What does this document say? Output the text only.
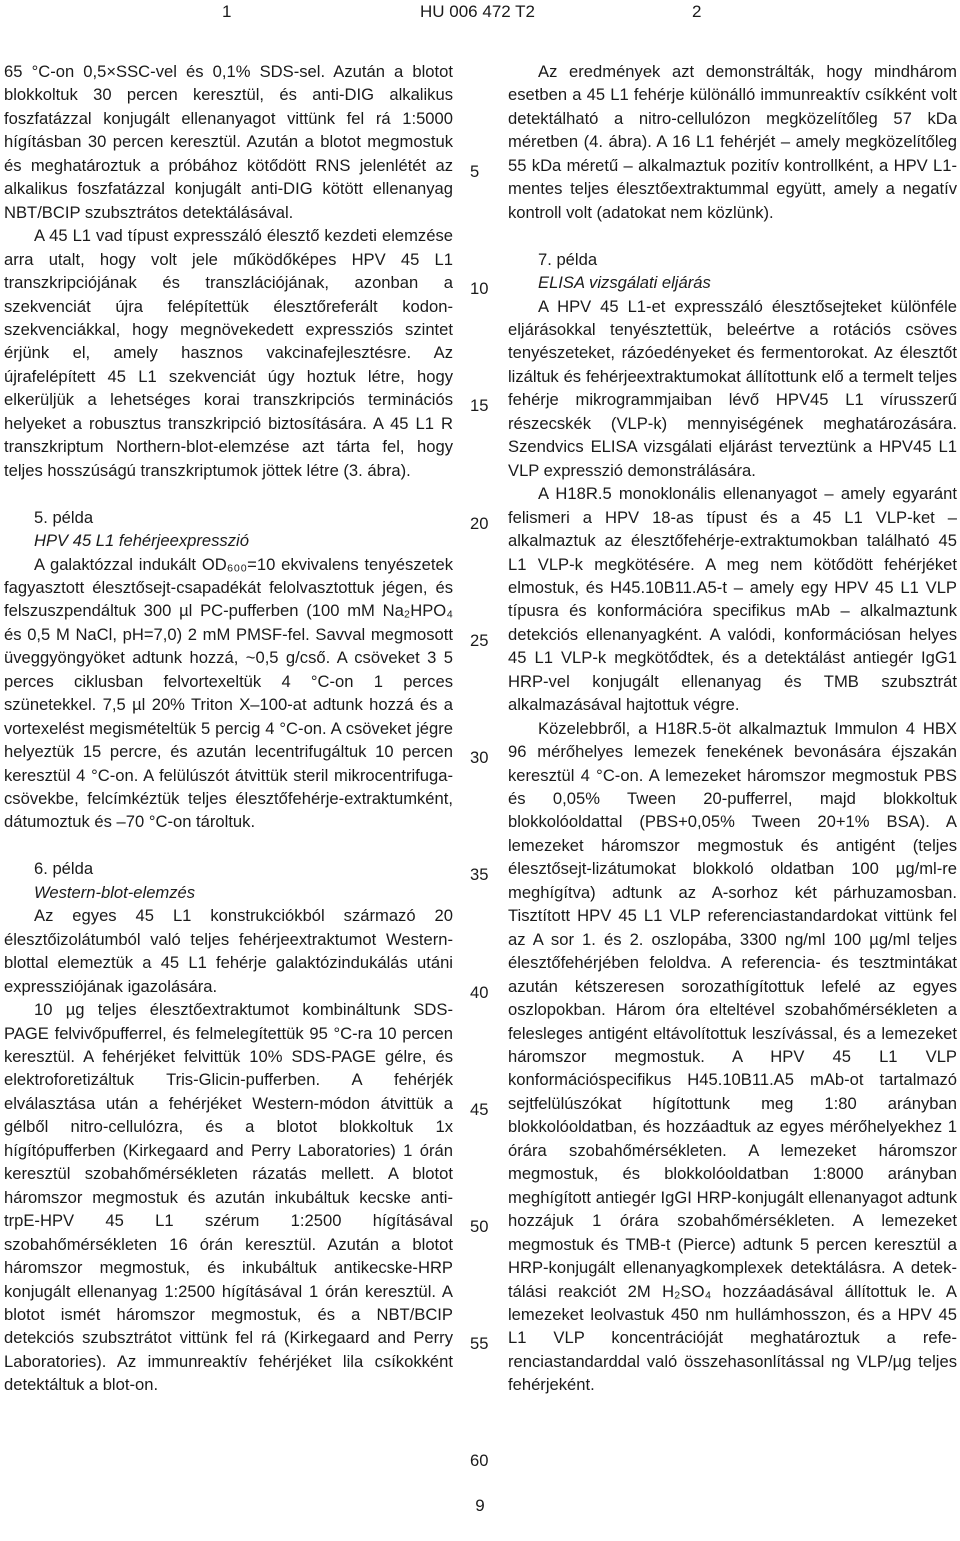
1	HU 006 472 T2	2

65 °C-on 0,5×SSC-vel és 0,1% SDS-sel. Azután a blotot blokkoltuk 30 percen keresztül, és anti-DIG alkalikus foszfatázzal konjugált ellenanyagot vittünk fel rá 1:5000 hígításban 30 percen keresztül. Azután a blotot megmostuk és meghatároztuk a próbához kötődött RNS jelenlétét az alkalikus foszfatázzal konjugált anti-DIG kötött ellenanyag NBT/BCIP szubsztrátos detektálásával.

A 45 L1 vad típust expresszáló élesztő kezdeti elemzése arra utalt, hogy volt jele működőképes HPV 45 L1 transzkripciójának és transzlációjának, azonban a szekvenciát újra felépítettük élesztőreferált kodonszekvenciákkal, hogy megnövekedett expressziós szintet érjünk el, amely hasznos vakcinafejlesztésre. Az újrafelépített 45 L1 szekvenciát úgy hoztuk létre, hogy elkerüljük a lehetséges korai transzkripciós terminációs helyeket a robusztus transzkripció biztosítására. A 45 L1 R transzkriptum Northern-blot-elemzése azt tárta fel, hogy teljes hosszúságú transzkriptumok jöttek létre (3. ábra).

5. példa

HPV 45 L1 fehérjeexpresszió

A galaktózzal indukált OD₆₀₀=10 ekvivalens tenyészetek fagyasztott élesztősejt-csapadékát felolvasztottuk jégen, és felszuszpendáltuk 300 µl PC-pufferben (100 mM Na₂HPO₄ és 0,5 M NaCl, pH=7,0) 2 mM PMSF-fel. Savval megmosott üveggyöngyöket adtunk hozzá, ~0,5 g/cső. A csöveket 3 5 perces ciklusban felvortexeltük 4 °C-on 1 perces szünetekkel. 7,5 µl 20% Triton X–100-at adtunk hozzá és a vortexelést megismételtük 5 percig 4 °C-on. A csöveket jégre helyeztük 15 percre, és azután lecentrifugáltuk 10 percen keresztül 4 °C-on. A felülúszót átvittük steril mikrocentrifugacsövekbe, felcímkéztük teljes élesztőfehérje-extraktumként, dátumoztuk és –70 °C-on tároltuk.

6. példa

Western-blot-elemzés

Az egyes 45 L1 konstrukciókból származó 20 élesztőizolátumból való teljes fehérjeextraktumot Western-blottal elemeztük a 45 L1 fehérje galaktózindukálás utáni expressziójának igazolására.

10 µg teljes élesztőextraktumot kombináltunk SDS-PAGE felvivőpufferrel, és felmelegítettük 95 °C-ra 10 percen keresztül. A fehérjéket felvittük 10% SDS-PAGE gélre, és elektroforetizáltuk Tris-Glicin-pufferben. A fehérjék elválasztása után a fehérjéket Western-módon átvittük a gélből nitro-cellulózra, és a blotot blokkoltuk 1x hígítópufferben (Kirkegaard and Perry Laboratories) 1 órán keresztül szobahőmérsékleten rázatás mellett. A blotot háromszor megmostuk és azután inkubáltuk kecske anti-trpE-HPV 45 L1 szérum 1:2500 hígításával szobahőmérsékleten 16 órán keresztül. Azután a blotot háromszor megmostuk, és inkubáltuk antikecske-HRP konjugált ellenanyag 1:2500 hígításával 1 órán keresztül. A blotot ismét háromszor megmostuk, és a NBT/BCIP detekciós szubsztrátot vittünk fel rá (Kirkegaard and Perry Laboratories). Az immunreaktív fehérjéket lila csíkokként detektáltuk a blot-on.

Az eredmények azt demonstrálták, hogy mindhárom esetben a 45 L1 fehérje különálló immunreaktív csíkként volt detektálható a nitro-cellulózon megközelítőleg 57 kDa méretben (4. ábra). A 16 L1 fehérjét – amely megközelítőleg 55 kDa méretű – alkalmaztuk pozitív kontrollként, a HPV L1-mentes teljes élesztőextraktummal együtt, amely a negatív kontroll volt (adatokat nem közlünk).

7. példa

ELISA vizsgálati eljárás

A HPV 45 L1-et expresszáló élesztősejteket különféle eljárásokkal tenyésztettük, beleértve a rotációs csöves tenyészeteket, rázóedényeket és fermentorokat. Az élesztőt lizáltuk és fehérjeextraktumokat állítottunk elő a termelt teljes fehérje mikrogrammjaiban lévő HPV45 L1 vírusszerű részecskék (VLP-k) mennyiségének meghatározására. Szendvics ELISA vizsgálati eljárást terveztünk a HPV45 L1 VLP expresszió demonstrálására.

A H18R.5 monoklonális ellenanyagot – amely egyaránt felismeri a HPV 18-as típust és a 45 L1 VLP-ket – alkalmaztuk az élesztőfehérje-extraktumokban található 45 L1 VLP-k megkötésére. A meg nem kötődött fehérjéket elmostuk, és H45.10B11.A5-t – amely egy HPV 45 L1 VLP típusra és konformációra specifikus mAb – alkalmaztunk detekciós ellenanyagként. A valódi, konformációsan helyes 45 L1 VLP-k megkötődtek, és a detektálást antiegér IgG1 HRP-vel konjugált ellenanyag és TMB szubsztrát alkalmazásával hajtottuk végre.

Közelebbről, a H18R.5-öt alkalmaztuk Immulon 4 HBX 96 mérőhelyes lemezek fenekének bevonására éjszakán keresztül 4 °C-on. A lemezeket háromszor megmostuk PBS és 0,05% Tween 20-pufferrel, majd blokkoltuk blokkolóoldattal (PBS+0,05% Tween 20+1% BSA). A lemezeket háromszor megmostuk és antigént (teljes élesztősejt-lizátumokat blokkoló oldatban 100 µg/ml-re meghígítva) adtunk az A-sorhoz két párhuzamosban. Tisztított HPV 45 L1 VLP referenciastandardokat vittünk fel az A sor 1. és 2. oszlopába, 3300 ng/ml 100 µg/ml teljes élesztőfehérjében feloldva. A referencia- és tesztmintákat azután kétszeresen sorozathígítottuk lefelé az egyes oszlopokban. Három óra elteltével szobahőmérsékleten a felesleges antigént eltávolítottuk leszívással, és a lemezeket háromszor megmostuk. A HPV 45 L1 VLP konformációspecifikus H45.10B11.A5 mAb-ot tartalmazó sejtfelülúszókat hígítottunk meg 1:80 arányban blokkolóoldatban, és hozzáadtuk az egyes mérőhelyekhez 1 órára szobahőmérsékleten. A lemezeket háromszor megmostuk, és blokkolóoldatban 1:8000 arányban meghígított antiegér IgGI HRP-konjugált ellenanyagot adtunk hozzájuk 1 órára szobahőmérsékleten. A lemezeket megmostuk és TMB-t (Pierce) adtunk 5 percen keresztül a HRP-konjugált ellenanyagkomplexek detektálásra. A detektálási reakciót 2M H₂SO₄ hozzáadásával állítottuk le. A lemezeket leolvastuk 450 nm hullámhosszon, és a HPV 45 L1 VLP koncentrációját meghatároztuk a referenciastandarddal való összehasonlítással ng VLP/µg teljes fehérjeként.

5
10
15
20
25
30
35
40
45
50
55
60
9
